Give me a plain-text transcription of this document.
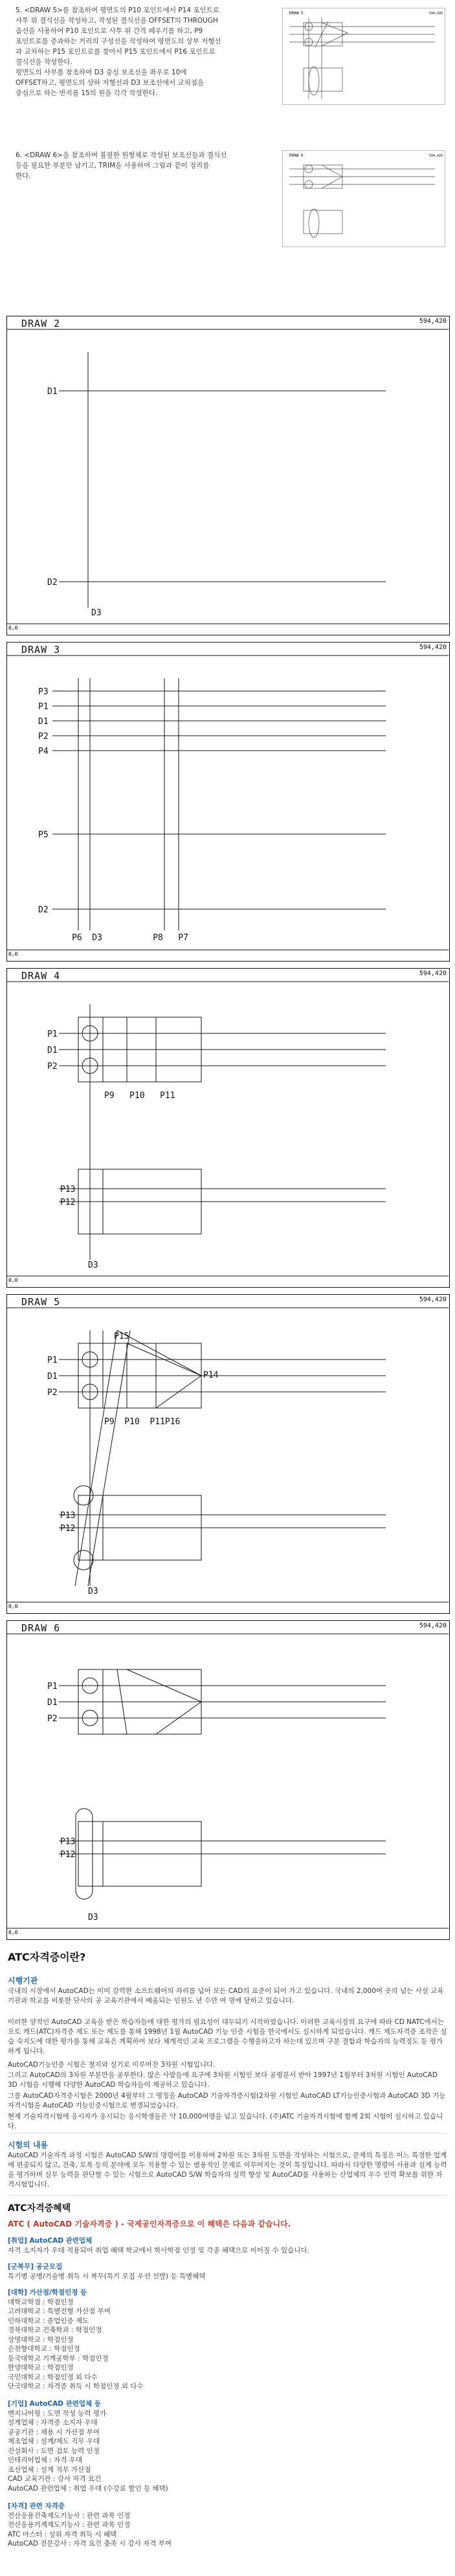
5. <DRAW 5>를 참조하여 평면도의 P10 포인트에서 P14 포인트로

사투 위 결식선을 작성하고, 작성된 결식선을 OFFSET의 THROUGH

옵션을 사용하여 P10 포인트로 사투 위 간격 떼우기를 하고, P9

포인트로를 증과하는 거리의 구성선을 작성하여 평면도의 상부 저형선

과 교차하는 P15 포인트로를 찾아서 P15 포인트에서 P16 포인트로

결식선을 작성한다.

평면도의 사부를 참조하여 D3 중심 보조선을 좌우로 10에

OFFSET하고, 평면도의 상하 저형선과 D3 보조선에서 교차점을

중심으로 하는 반지름 15의 원을 각각 작성한다.

DRAW 5	594,420

6. <DRAW 6>을 참조하여 불필한 원형체로 작성된 보조선들과 결식선

등을 필요한 부분만 남기고, TRIM을 사용하여 그림과 같이 정리를

한다.

DRAW 6	594,420
DRAW 2	594,420
D1
D2
D3
0,0
DRAW 3	594,420
P3
P1
D1
P2
P4
P5
D2
P6  D3          P8   P7
0,0
DRAW 4	594,420
P1
D1
P2
P9   P10   P11
P13
P12
D3
0,0
DRAW 5	594,420
P15
P1
D1
P2
P14
P9  P10  P11P16
P13
P12
D3
0,0
DRAW 6	594,420
P1
D1
P2
P13
P12
D3
0,0
ATC자격증이란?
시행기관
국내의 시장에서 AutoCAD는 이미 강력한 소프트웨어의 자리를 넘어 모든 CAD의 표준이 되어 가고 있습니다. 국내의 2,000여 곳의 넘는 사설 교육기관과 학교를 비롯한 단사의 공 교육기관에서 배움되는 인원도 년 수만 여 명에 달하고 있습니다.
이러한 양적인 AutoCAD 교육을 받은 학습자들에 대한 평가의 필요성이 대두되기 시작하였습니다. 이러한 교육시장의 요구에 따라 CD NATC에서는 오토 캐드(ATC)자격증 제도 또는 제도를 통해 1998년 1월 AutoCAD 기능 인증 시험을 한국에서도 실시하게 되었습니다. 캐드 제도자격증 조작은 실습 숙지도에 대한 평가를 통해 교육은 계획하여 보다 체계적인 교육 프로그램을 수행을하고자 하는데 있으며 구분 결합과 학습자의 능력정도 등 평가하게 됩니다.
AutoCAD기능인증 시험은 철지와 실기로 이루어진 3차원 시험입니다.
그리고 AutoCAD의 3차원 부분만을 공부한다. 많은 사람들에 요구에 3차원 시험인 보다 공평분서 받아 1997년 1월부터 3차원 시험인 AutoCAD 3D 시험을 시행해 다양한 AutoCAD 학습자들이 제공하고 있습니다.
그를 AutoCAD자격증시험은 2000년 4월부터 그 명칭을 AutoCAD 기술자격증시험(2차원 시험인 AutoCAD LT기능인증시험과 AutoCAD 3D 기능자격시험을 AutoCAD 기능인증시험으로 변경되었습니다.
현재 기술자격시험에 응시자가 응시되는 응시학생들은 약 10,000여명을 넘고 있습니다. (주)ATC 기술자격시험에 함께 2회 시험이 실시하고 있습니다.
시험의 내용
AutoCAD 기술자격 과정 시험은 AutoCAD S/W의 명령어를 이용하여 2차원 또는 3차원 도면을 작성하는 시험으로, 문제의 특징은 어느 특정한 업계에 편중되지 않고, 건축, 토목 등의 분야에 모두 적용할 수 있는 범용적인 문제로 이루어지는 것이 특징입니다. 따라서 다양한 명령어 사용과 설계 능력을 평가하며 실무 능력을 판단할 수 있는 시험으로 AutoCAD S/W 학습자의 실력 향상 및 AutoCAD를 사용하는 산업체의 우수 인력 확보를 위한 자격시험입니다.
ATC자격증혜택
ATC ( AutoCAD 기술자격증 ) - 국제공인자격증으로 이 혜택은 다음과 같습니다.
[취업] AutoCAD 관련업체
자격 소지자가 우대 적용되어 취업 혜택 학교에서 학사학점 인정 및 각종 혜택으로 이어질 수 있습니다.
[군복무] 공군모집
특기병 공병/기술병 취득 시 복무(특기 모집 우선 선발) 등 특별혜택
[대학] 가산점/학점인정 등
대학교학점 : 학점인정
고려대학교 : 특별전형 가산점 부여
인하대학교 : 졸업인증 제도
경북대학교 건축학과 : 학점인정
상명대학교 : 학점인정
순천향대학교 : 학점인정
동국대학교 기계공학부 : 학점인정
한양대학교 : 학점인정
국민대학교 : 학점인정 외 다수
단국대학교 : 자격증 취득 시 학점인정 외 다수
[기업] AutoCAD 관련업체 등
엔지니어링 : 도면 작성 능력 평가
설계업체 : 자격증 소지자 우대
공공기관 : 채용 시 가산점 부여
제조업체 : 설계/제도 직무 우대
건설회사 : 도면 검토 능력 인정
인테리어업체 : 자격 우대
조선업체 : 설계 직무 가산점
CAD 교육기관 : 강사 자격 요건
AutoCAD 관련업체 : 취업 우대 (수강료 할인 등 혜택)
[자격] 관련 자격증
전산응용건축제도기능사 : 관련 과목 인정
전산응용기계제도기능사 : 관련 과목 인정
ATC 마스터 : 상위 자격 취득 시 혜택
AutoCAD 전문강사 : 자격 요건 충족 시 강사 자격 부여
